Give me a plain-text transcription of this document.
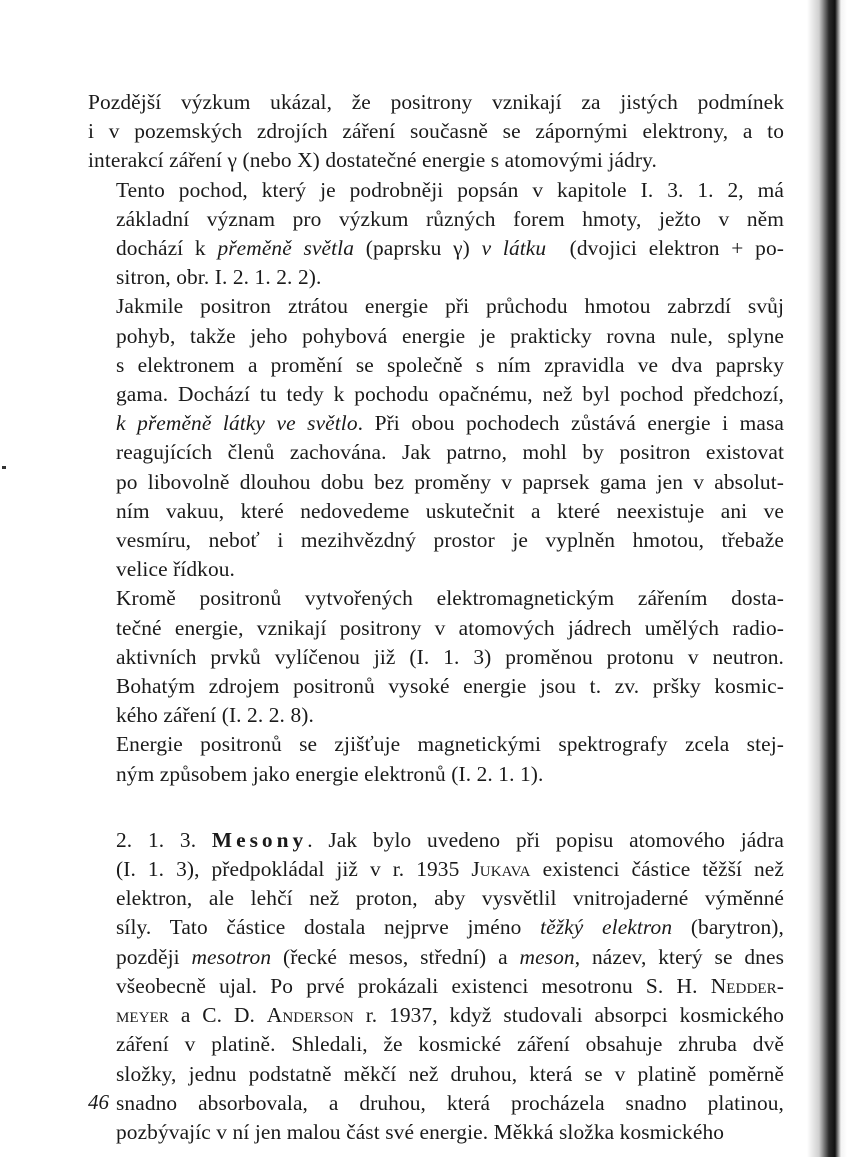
Pozdější výzkum ukázal, že positrony vznikají za jistých podmínek
i v pozemských zdrojích záření současně se zápornými elektrony, a to
interakcí záření γ (nebo X) dostatečné energie s atomovými jádry.

Tento pochod, který je podrobněji popsán v kapitole I. 3. 1. 2, má
základní význam pro výzkum různých forem hmoty, ježto v něm
dochází k přeměně světla (paprsku γ) v látku  (dvojici elektron + po-
sitron, obr. I. 2. 1. 2. 2).

Jakmile positron ztrátou energie při průchodu hmotou zabrzdí svůj
pohyb, takže jeho pohybová energie je prakticky rovna nule, splyne
s elektronem a promění se společně s ním zpravidla ve dva paprsky
gama. Dochází tu tedy k pochodu opačnému, než byl pochod předchozí,
k přeměně látky ve světlo. Při obou pochodech zůstává energie i masa
reagujících členů zachována. Jak patrno, mohl by positron existovat
po libovolně dlouhou dobu bez proměny v paprsek gama jen v absolut-
ním vakuu, které nedovedeme uskutečnit a které neexistuje ani ve
vesmíru, neboť i mezihvězdný prostor je vyplněn hmotou, třebaže
velice řídkou.

Kromě positronů vytvořených elektromagnetickým zářením dosta-
tečné energie, vznikají positrony v atomových jádrech umělých radio-
aktivních prvků vylíčenou již (I. 1. 3) proměnou protonu v neutron.
Bohatým zdrojem positronů vysoké energie jsou t. zv. pršky kosmic-
kého záření (I. 2. 2. 8).

Energie positronů se zjišťuje magnetickými spektrografy zcela stej-
ným způsobem jako energie elektronů (I. 2. 1. 1).

2. 1. 3. Mesony. Jak bylo uvedeno při popisu atomového jádra
(I. 1. 3), předpokládal již v r. 1935 Jukava existenci částice těžší než
elektron, ale lehčí než proton, aby vysvětlil vnitrojaderné výměnné
síly. Tato částice dostala nejprve jméno těžký elektron (barytron),
později mesotron (řecké mesos, střední) a meson, název, který se dnes
všeobecně ujal. Po prvé prokázali existenci mesotronu S. H. Nedder-
meyer a C. D. Anderson r. 1937, když studovali absorpci kosmického
záření v platině. Shledali, že kosmické záření obsahuje zhruba dvě
složky, jednu podstatně měkčí než druhou, která se v platině poměrně
snadno absorbovala, a druhou, která procházela snadno platinou,
pozbývajíc v ní jen malou část své energie. Měkká složka kosmického

46
